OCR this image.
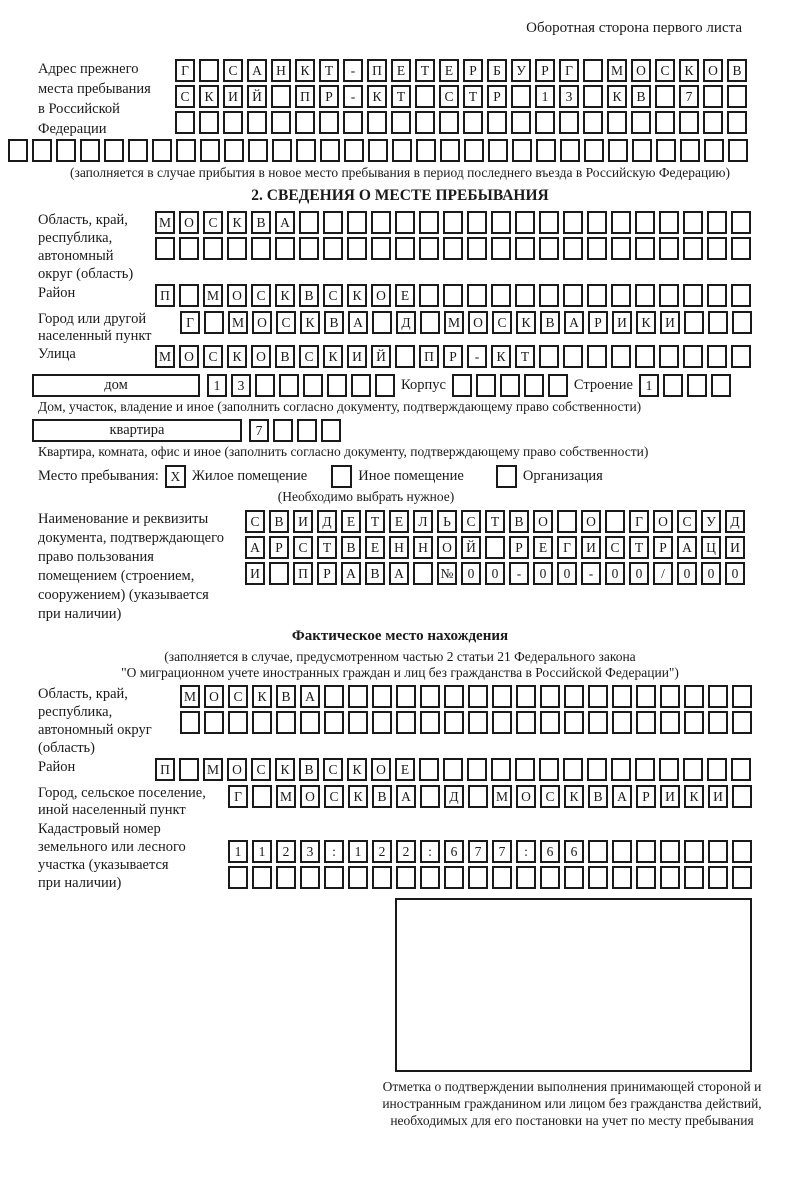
Оборотная сторона первого листа
Адрес прежнего
места пребывания
в Российской
Федерации
Г	С	А	Н	К	Т	-	П	Е	Т	Е	Р	Б	У	Р	Г	М О	С	К	О	В
С	К	И	Й	П	Р	-	К	Т	С	Т	Р	1	3	К	В	7
(заполняется в случае прибытия в новое место пребывания в период последнего въезда в Российскую Федерацию)
2. СВЕДЕНИЯ О МЕСТЕ ПРЕБЫВАНИЯ
Область, край,
республика,
автономный
округ (область)
М О	С	К	В	А
Район	П	М О	С	К	В	С	К	О	Е
Город или другой
населенный пункт
Г	М О	С	К	В	А	Д	М О	С	К	В	А	Р	И	К	И
Улица	М О	С	К	О	В	С	К	И	Й	П	Р	-	К	Т
дом	1	3	Корпус	Строение 1
Дом, участок, владение и иное (заполнить согласно документу, подтверждающему право собственности)
квартира	7
Квартира, комната, офис и иное (заполнить согласно документу, подтверждающему право собственности)
Место пребывания: X Жилое помещение	Иное помещение	Организация
(Необходимо выбрать нужное)
Наименование и реквизиты
документа, подтверждающего
право пользования
помещением (строением,
сооружением) (указывается
при наличии)
С	В	И	Д	Е	Т	Е	Л	Ь	С	Т	В	О	О	Г	О	С	У	Д
А	Р	С	Т	В	Е	Н	Н	О	Й	Р	Е	Г	И	С	Т	Р	А	Ц	И
И	П	Р	А	В	А	№	0	0	-	0	0	-	0	0	/	0	0	0
Фактическое место нахождения
(заполняется в случае, предусмотренном частью 2 статьи 21 Федерального закона
"О миграционном учете иностранных граждан и лиц без гражданства в Российской Федерации")
Область, край,
республика,
автономный округ
(область)
М О	С	К	В	А
Район	П	М О	С	К	В	С	К	О	Е
Город, сельское поселение,
иной населенный пункт
Г	М О	С	К	В	А	Д	М О	С	К	В	А	Р	И	К	И
Кадастровый номер
земельного или лесного
участка (указывается
при наличии)
1	1	2	3	:	1	2	2	:	6	7	7	:	6	6
Отметка о подтверждении выполнения принимающей стороной и иностранным гражданином или лицом без гражданства действий, необходимых для его постановки на учет по месту пребывания
